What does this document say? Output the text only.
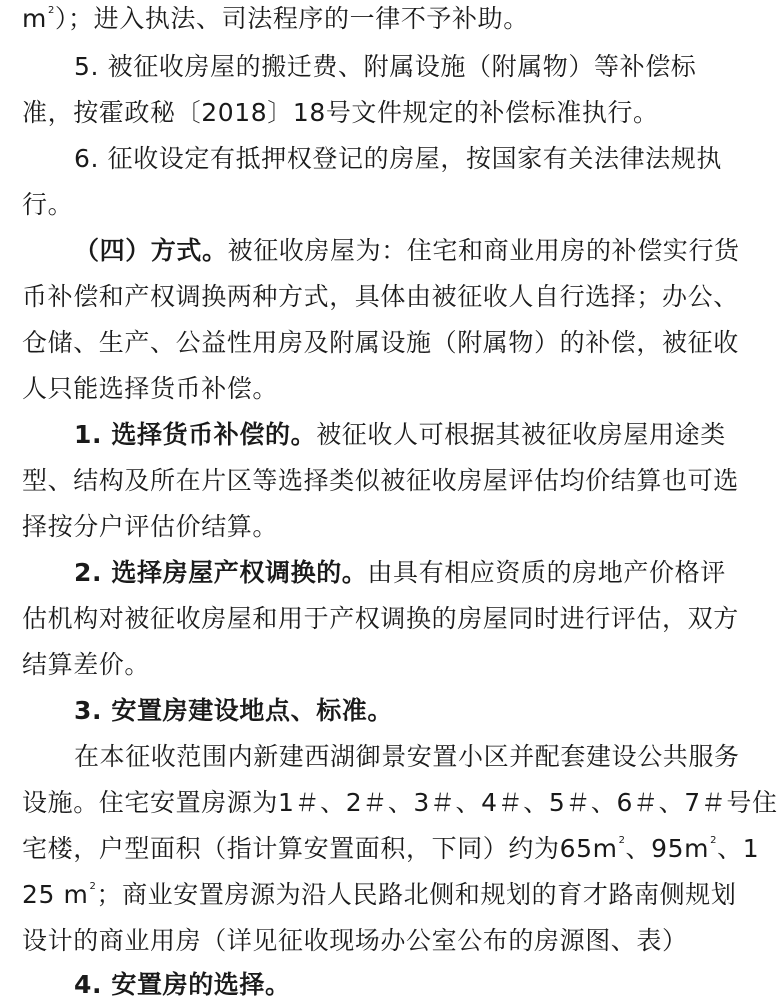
$m^2$）；进入执法、司法程序的一律不予补助。
5. 被征收房屋的搬迁费、附属设施（附属物）等补偿标
准，按霍政秘〔2018〕18号文件规定的补偿标准执行。
6. 征收设定有抵押权登记的房屋，按国家有关法律法规执
行。
（四）方式。被征收房屋为：住宅和商业用房的补偿实行货
币补偿和产权调换两种方式，具体由被征收人自行选择；办公、
仓储、生产、公益性用房及附属设施（附属物）的补偿，被征收
人只能选择货币补偿。
1. 选择货币补偿的。被征收人可根据其被征收房屋用途类
型、结构及所在片区等选择类似被征收房屋评估均价结算也可选
择按分户评估价结算。
2. 选择房屋产权调换的。由具有相应资质的房地产价格评
估机构对被征收房屋和用于产权调换的房屋同时进行评估，双方
结算差价。
3. 安置房建设地点、标准。
在本征收范围内新建西湖御景安置小区并配套建设公共服务
设施。住宅安置房源为1＃、2＃、3＃、4＃、5＃、6＃、7＃号住
宅楼，户型面积（指计算安置面积，下同）约为$65m^2$、$95m^2$、1
25 $m^2$；商业安置房源为沿人民路北侧和规划的育才路南侧规划
设计的商业用房（详见征收现场办公室公布的房源图、表）
4. 安置房的选择。
